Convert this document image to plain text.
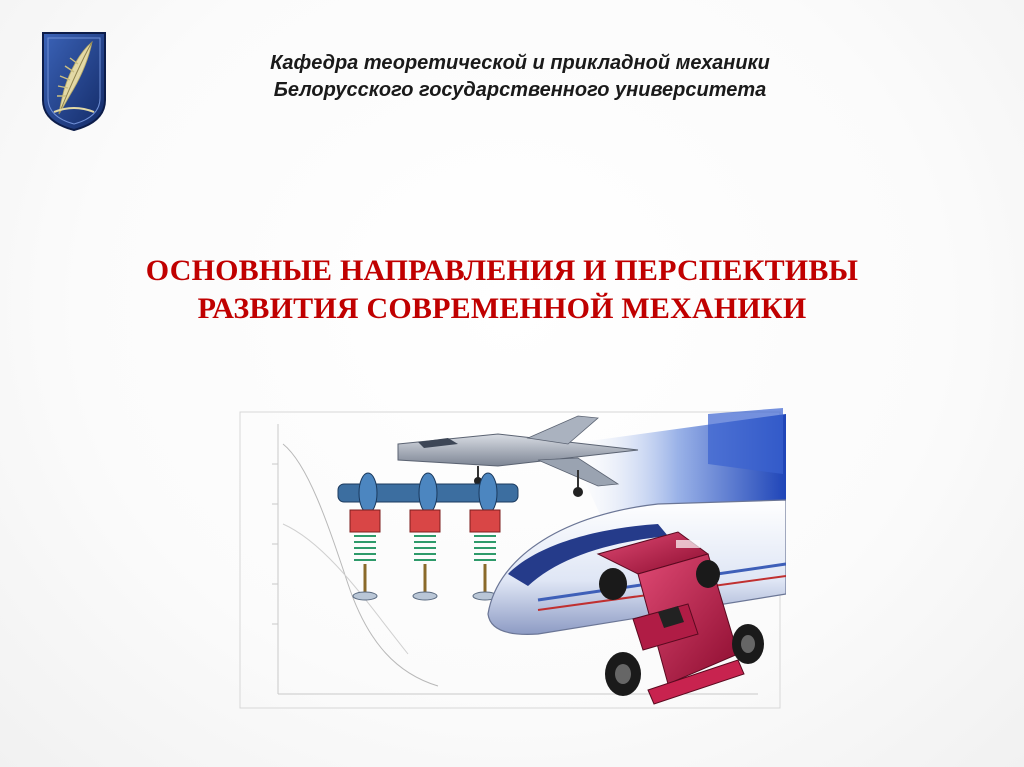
Кафедра теоретической и прикладной механики
Белорусского государственного университета
ОСНОВНЫЕ НАПРАВЛЕНИЯ И ПЕРСПЕКТИВЫ
РАЗВИТИЯ СОВРЕМЕННОЙ МЕХАНИКИ
